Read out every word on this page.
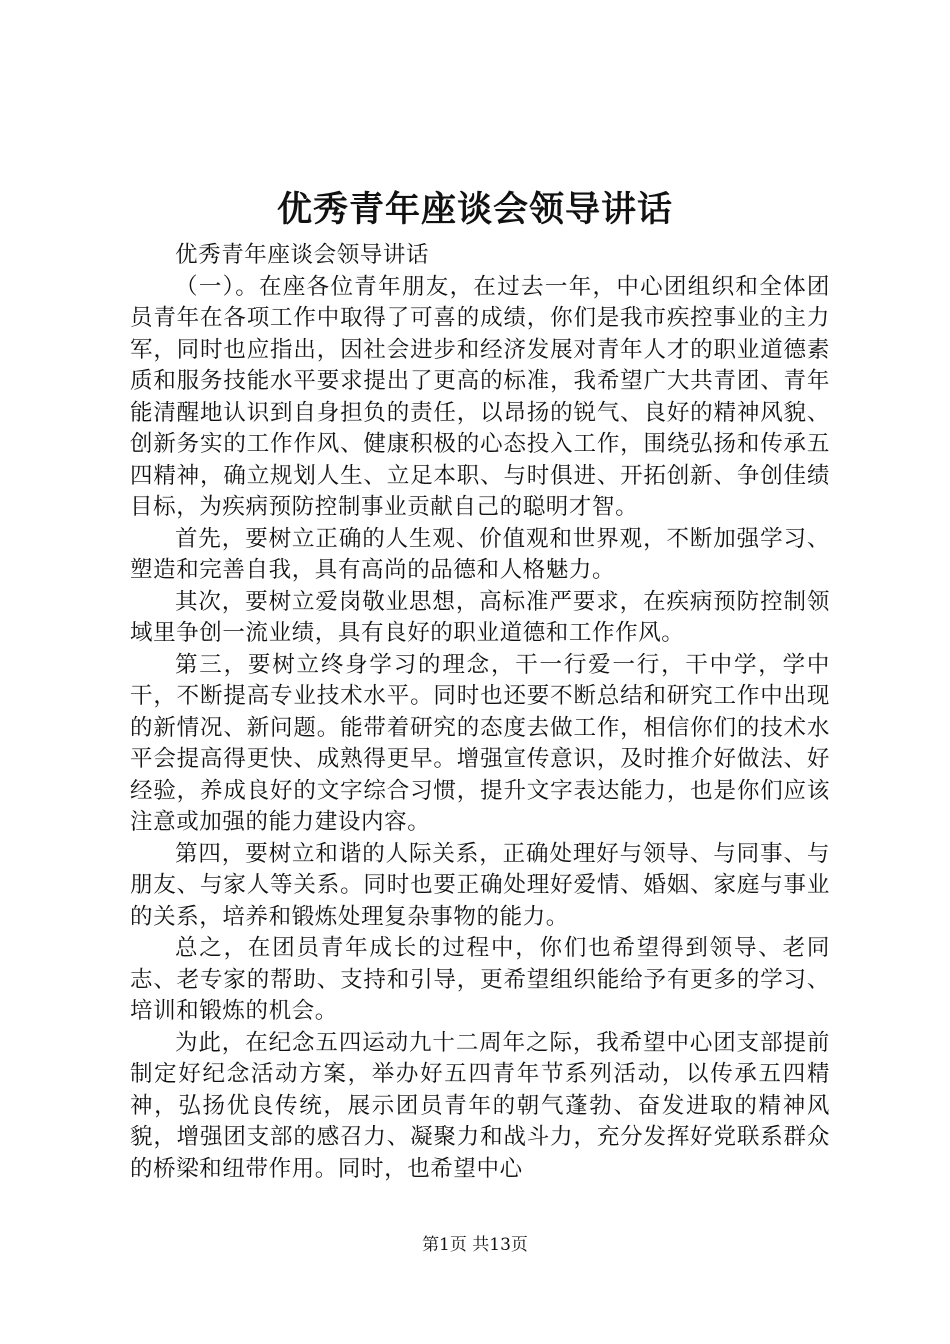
优秀青年座谈会领导讲话

优秀青年座谈会领导讲话

（一）。在座各位青年朋友，在过去一年，中心团组织和全体团员青年在各项工作中取得了可喜的成绩，你们是我市疾控事业的主力军，同时也应指出，因社会进步和经济发展对青年人才的职业道德素质和服务技能水平要求提出了更高的标准，我希望广大共青团、青年能清醒地认识到自身担负的责任，以昂扬的锐气、良好的精神风貌、创新务实的工作作风、健康积极的心态投入工作，围绕弘扬和传承五四精神，确立规划人生、立足本职、与时俱进、开拓创新、争创佳绩目标，为疾病预防控制事业贡献自己的聪明才智。

首先，要树立正确的人生观、价值观和世界观，不断加强学习、塑造和完善自我，具有高尚的品德和人格魅力。

其次，要树立爱岗敬业思想，高标准严要求，在疾病预防控制领域里争创一流业绩，具有良好的职业道德和工作作风。

第三，要树立终身学习的理念，干一行爱一行，干中学，学中干，不断提高专业技术水平。同时也还要不断总结和研究工作中出现的新情况、新问题。能带着研究的态度去做工作，相信你们的技术水平会提高得更快、成熟得更早。增强宣传意识，及时推介好做法、好经验，养成良好的文字综合习惯，提升文字表达能力，也是你们应该注意或加强的能力建设内容。

第四，要树立和谐的人际关系，正确处理好与领导、与同事、与朋友、与家人等关系。同时也要正确处理好爱情、婚姻、家庭与事业的关系，培养和锻炼处理复杂事物的能力。

总之，在团员青年成长的过程中，你们也希望得到领导、老同志、老专家的帮助、支持和引导，更希望组织能给予有更多的学习、培训和锻炼的机会。

为此，在纪念五四运动九十二周年之际，我希望中心团支部提前制定好纪念活动方案，举办好五四青年节系列活动，以传承五四精神，弘扬优良传统，展示团员青年的朝气蓬勃、奋发进取的精神风貌，增强团支部的感召力、凝聚力和战斗力，充分发挥好党联系群众的桥梁和纽带作用。同时，也希望中心

第1页 共13页
